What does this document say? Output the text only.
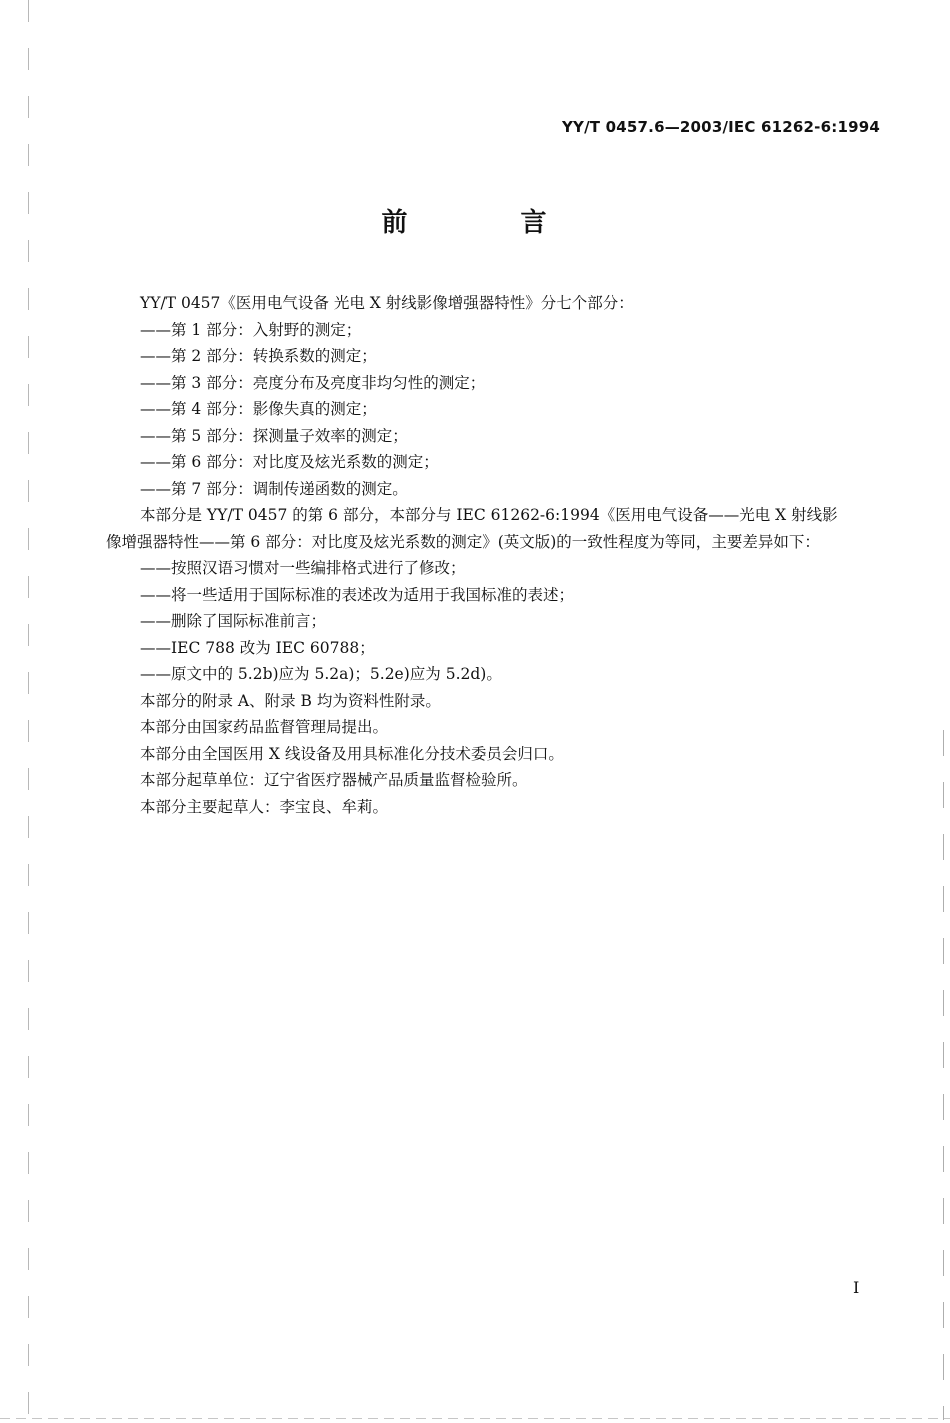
YY/T 0457.6—2003/IEC 61262-6:1994
前 言
YY/T 0457《医用电气设备 光电 X 射线影像增强器特性》分七个部分：
——第 1 部分：入射野的测定；
——第 2 部分：转换系数的测定；
——第 3 部分：亮度分布及亮度非均匀性的测定；
——第 4 部分：影像失真的测定；
——第 5 部分：探测量子效率的测定；
——第 6 部分：对比度及炫光系数的测定；
——第 7 部分：调制传递函数的测定。
本部分是 YY/T 0457 的第 6 部分，本部分与 IEC 61262-6:1994《医用电气设备——光电 X 射线影
像增强器特性——第 6 部分：对比度及炫光系数的测定》(英文版)的一致性程度为等同，主要差异如下：
——按照汉语习惯对一些编排格式进行了修改；
——将一些适用于国际标准的表述改为适用于我国标准的表述；
——删除了国际标准前言；
——IEC 788 改为 IEC 60788；
——原文中的 5.2b)应为 5.2a)；5.2e)应为 5.2d)。
本部分的附录 A、附录 B 均为资料性附录。
本部分由国家药品监督管理局提出。
本部分由全国医用 X 线设备及用具标准化分技术委员会归口。
本部分起草单位：辽宁省医疗器械产品质量监督检验所。
本部分主要起草人：李宝良、牟莉。
I
